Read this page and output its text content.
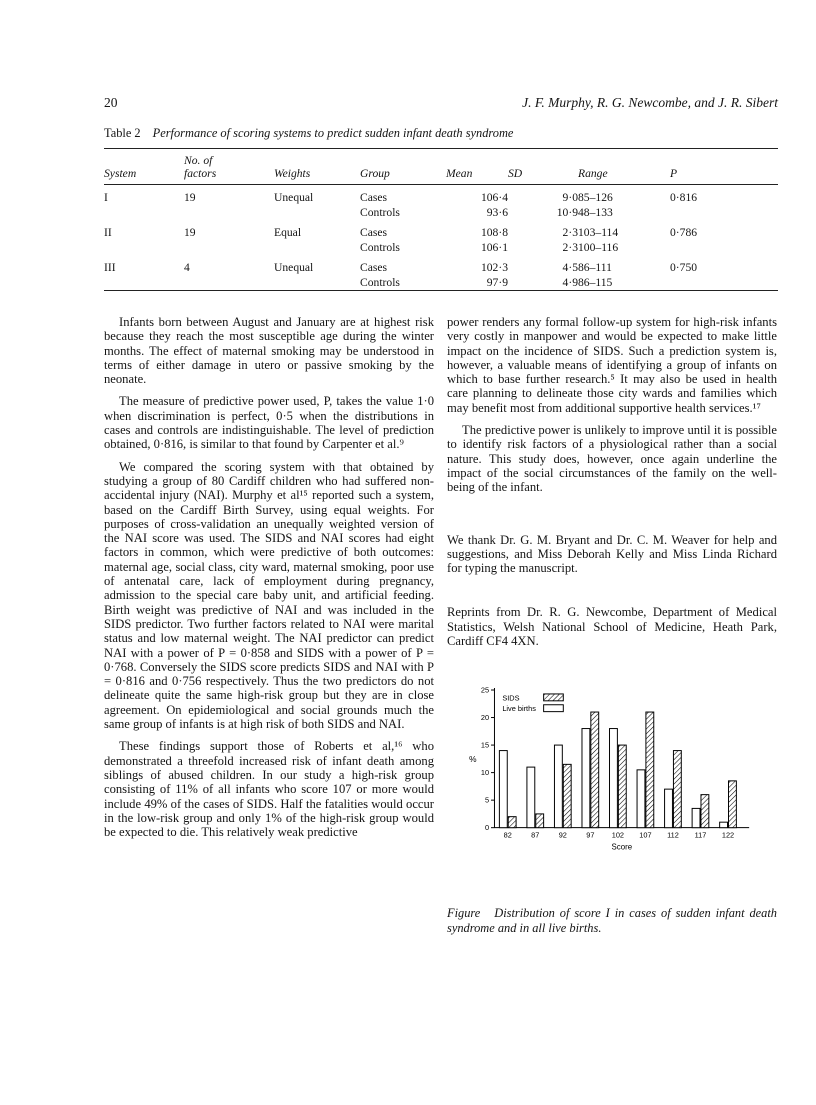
20	J. F. Murphy, R. G. Newcombe, and J. R. Sibert
Table 2 Performance of scoring systems to predict sudden infant death syndrome
System	No. of factors	Weights	Group	Mean	SD	Range	P
I	19	Unequal	Cases	106·4	9·0	85–126	0·816
			Controls	93·6	10·9	48–133	
II	19	Equal	Cases	108·8	2·3	103–114	0·786
			Controls	106·1	2·3	100–116	
III	4	Unequal	Cases	102·3	4·5	86–111	0·750
			Controls	97·9	4·9	86–115	

Infants born between August and January are at highest risk because they reach the most susceptible age during the winter months. The effect of maternal smoking may be understood in terms of either damage in utero or passive smoking by the neonate.

The measure of predictive power used, P, takes the value 1·0 when discrimination is perfect, 0·5 when the distributions in cases and controls are indistinguishable. The level of prediction obtained, 0·816, is similar to that found by Carpenter et al.⁹

We compared the scoring system with that obtained by studying a group of 80 Cardiff children who had suffered non-accidental injury (NAI). Murphy et al¹⁵ reported such a system, based on the Cardiff Birth Survey, using equal weights. For purposes of cross-validation an unequally weighted version of the NAI score was used. The SIDS and NAI scores had eight factors in common, which were predictive of both outcomes: maternal age, social class, city ward, maternal smoking, poor use of antenatal care, lack of employment during pregnancy, admission to the special care baby unit, and artificial feeding. Birth weight was predictive of NAI and was included in the SIDS predictor. Two further factors related to NAI were marital status and low maternal weight. The NAI predictor can predict NAI with a power of P = 0·858 and SIDS with a power of P = 0·768. Conversely the SIDS score predicts SIDS and NAI with P = 0·816 and 0·756 respectively. Thus the two predictors do not delineate quite the same high-risk group but they are in close agreement. On epidemiological and social grounds much the same group of infants is at high risk of both SIDS and NAI.

These findings support those of Roberts et al,¹⁶ who demonstrated a threefold increased risk of infant death among siblings of abused children. In our study a high-risk group consisting of 11% of all infants who score 107 or more would include 49% of the cases of SIDS. Half the fatalities would occur in the low-risk group and only 1% of the high-risk group would be expected to die. This relatively weak predictive

power renders any formal follow-up system for high-risk infants very costly in manpower and would be expected to make little impact on the incidence of SIDS. Such a prediction system is, however, a valuable means of identifying a group of infants on which to base further research.⁵ It may also be used in health care planning to delineate those city wards and families which may benefit most from additional supportive health services.¹⁷

The predictive power is unlikely to improve until it is possible to identify risk factors of a physiological rather than a social nature. This study does, however, once again underline the impact of the social circumstances of the family on the well-being of the infant.

We thank Dr. G. M. Bryant and Dr. C. M. Weaver for help and suggestions, and Miss Deborah Kelly and Miss Linda Richard for typing the manuscript.

Reprints from Dr. R. G. Newcombe, Department of Medical Statistics, Welsh National School of Medicine, Heath Park, Cardiff CF4 4XN.

0
5
10
15
20
25
%
82	87	92	97 102 107 112 117 122
Score
SIDS
Live births
Figure Distribution of score I in cases of sudden infant death syndrome and in all live births.
